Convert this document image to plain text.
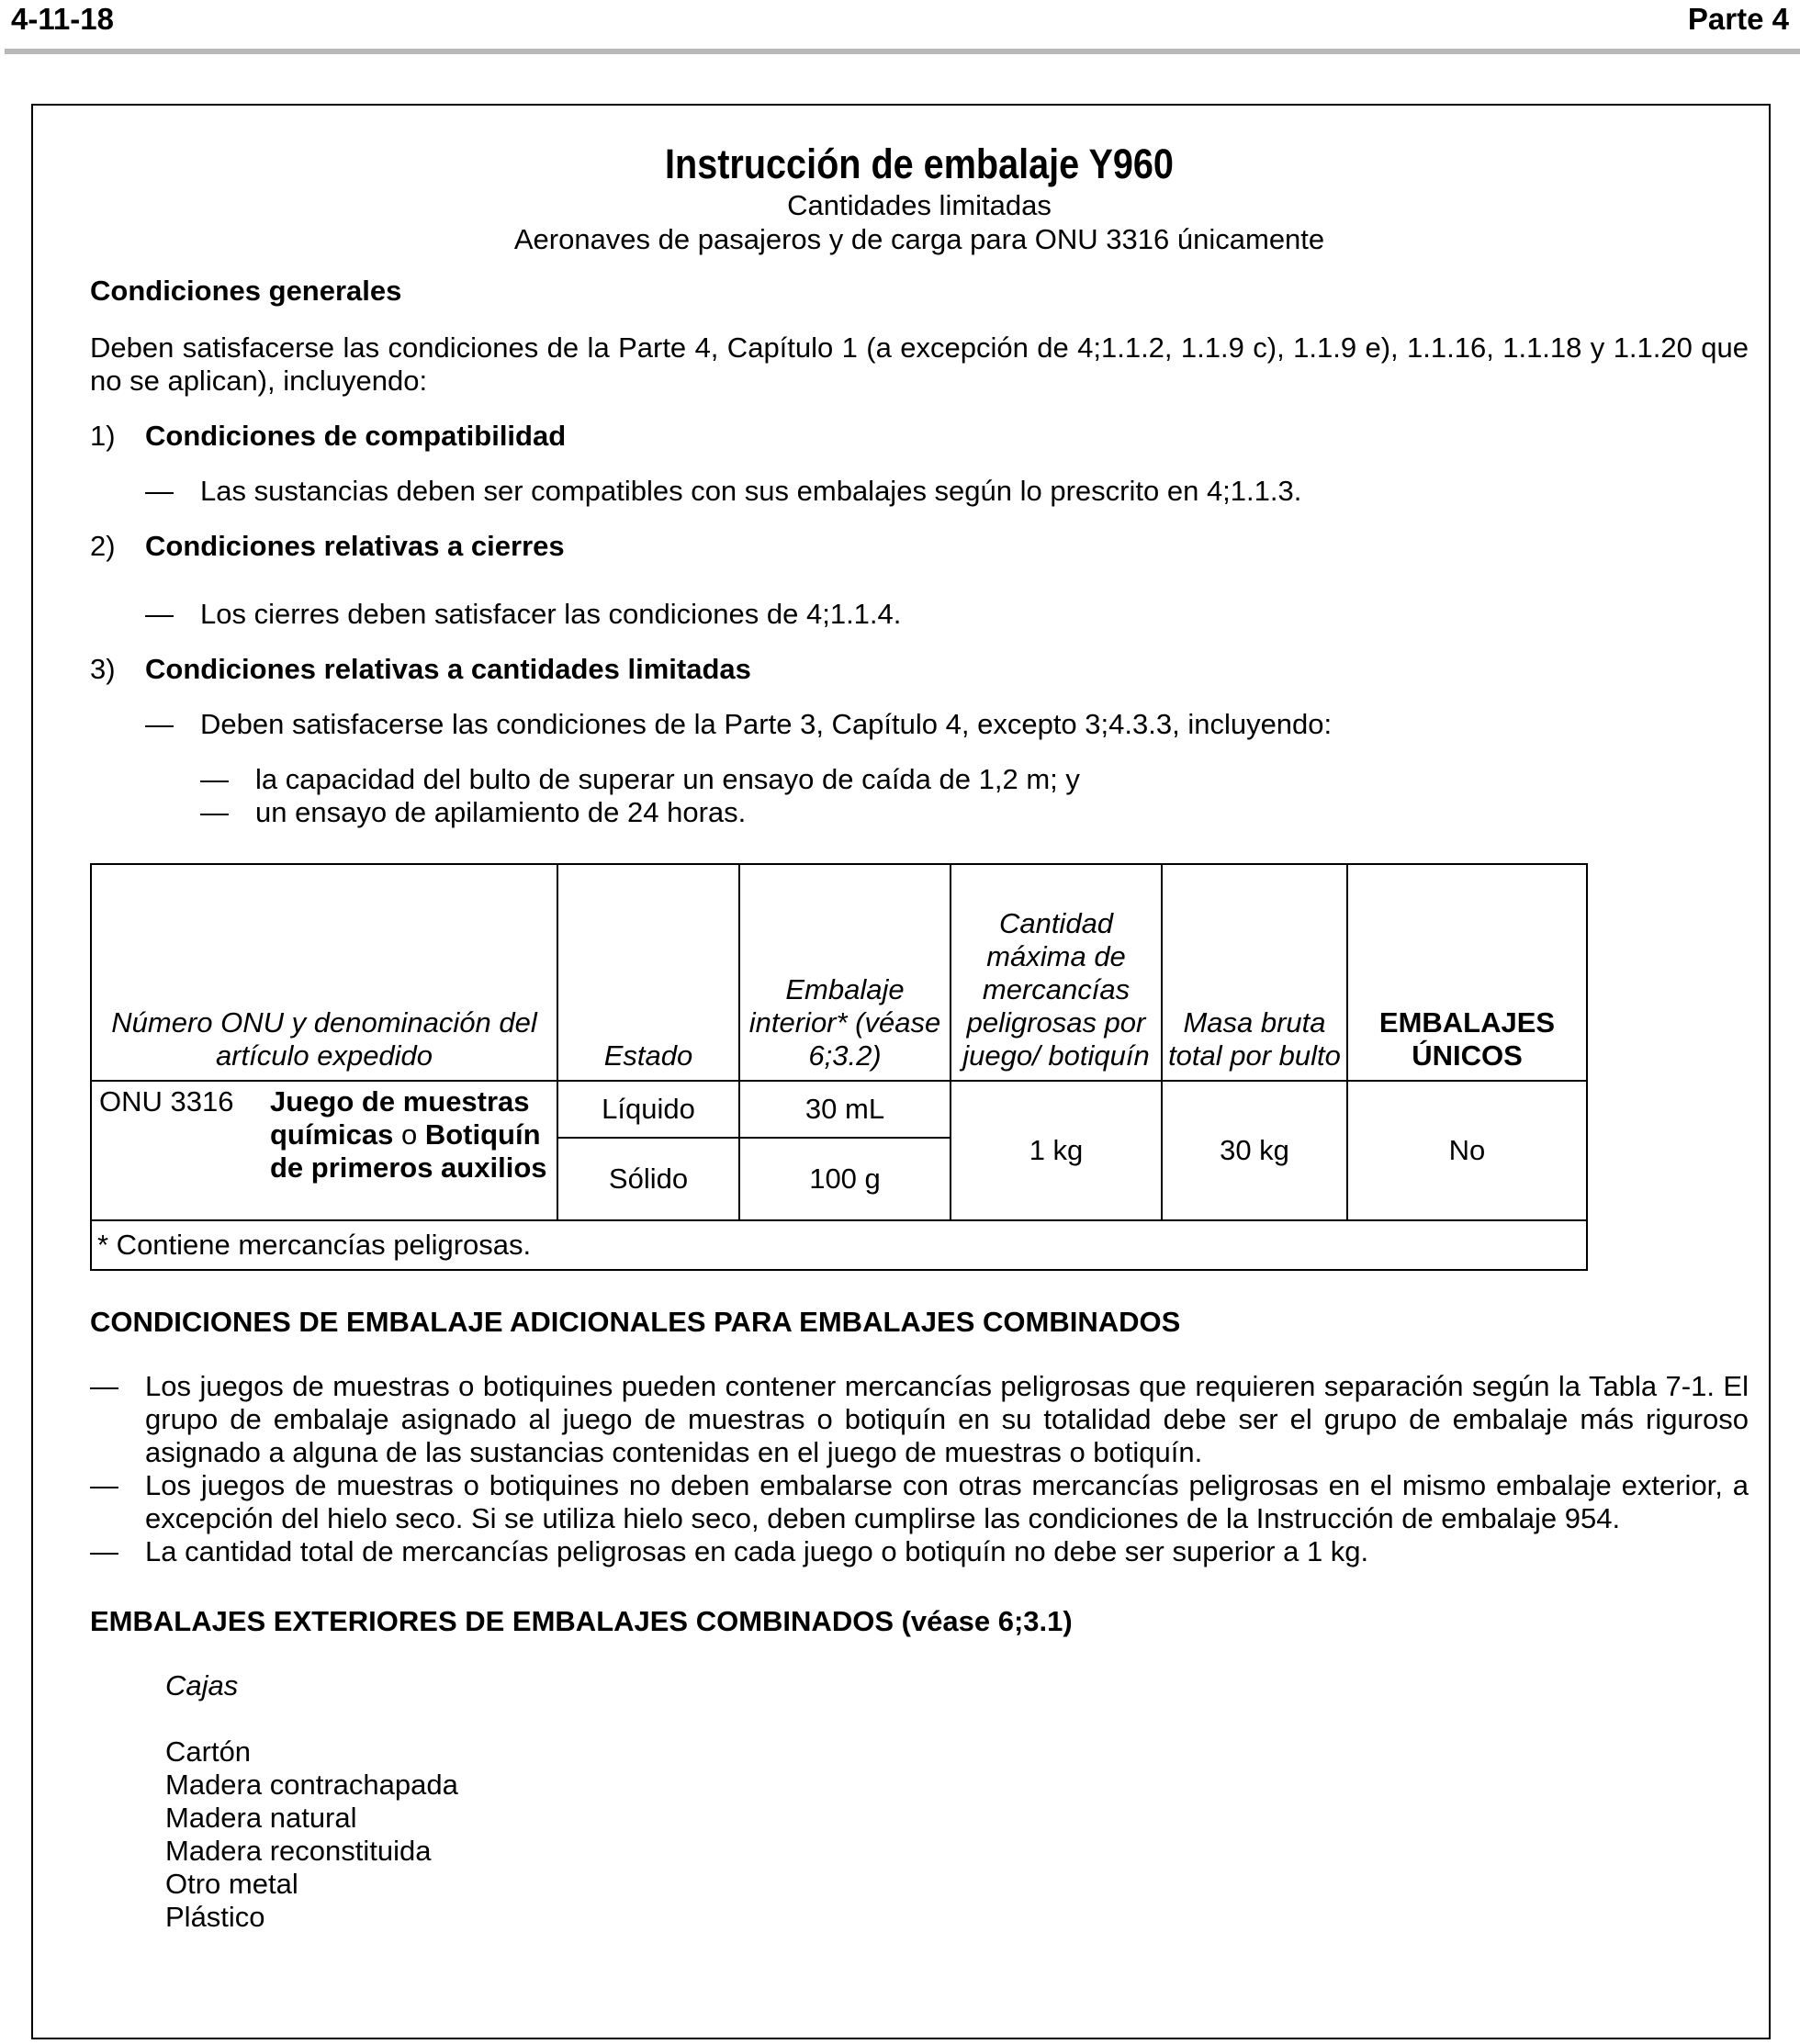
4-11-18	Parte 4
Instrucción de embalaje Y960
Cantidades limitadas
Aeronaves de pasajeros y de carga para ONU 3316 únicamente
Condiciones generales
Deben satisfacerse las condiciones de la Parte 4, Capítulo 1 (a excepción de 4;1.1.2, 1.1.9 c), 1.1.9 e), 1.1.16, 1.1.18 y 1.1.20 que no se aplican), incluyendo:
1) Condiciones de compatibilidad
— Las sustancias deben ser compatibles con sus embalajes según lo prescrito en 4;1.1.3.
2) Condiciones relativas a cierres
— Los cierres deben satisfacer las condiciones de 4;1.1.4.
3) Condiciones relativas a cantidades limitadas
— Deben satisfacerse las condiciones de la Parte 3, Capítulo 4, excepto 3;4.3.3, incluyendo:
— la capacidad del bulto de superar un ensayo de caída de 1,2 m; y
— un ensayo de apilamiento de 24 horas.
Número ONU y denominación del artículo expedido	Estado	Embalaje interior* (véase 6;3.2)	Cantidad máxima de mercancías peligrosas por juego/ botiquín	Masa bruta total por bulto	EMBALAJES ÚNICOS

ONU 3316 Juego de muestras químicas o Botiquín de primeros auxilios	Líquido	30 mL	1 kg	30 kg	No
	Sólido	100 g			
* Contiene mercancías peligrosas.					
CONDICIONES DE EMBALAJE ADICIONALES PARA EMBALAJES COMBINADOS
— Los juegos de muestras o botiquines pueden contener mercancías peligrosas que requieren separación según la Tabla 7-1. El grupo de embalaje asignado al juego de muestras o botiquín en su totalidad debe ser el grupo de embalaje más riguroso asignado a alguna de las sustancias contenidas en el juego de muestras o botiquín.
— Los juegos de muestras o botiquines no deben embalarse con otras mercancías peligrosas en el mismo embalaje exterior, a excepción del hielo seco. Si se utiliza hielo seco, deben cumplirse las condiciones de la Instrucción de embalaje 954.
— La cantidad total de mercancías peligrosas en cada juego o botiquín no debe ser superior a 1 kg.
EMBALAJES EXTERIORES DE EMBALAJES COMBINADOS (véase 6;3.1)
Cajas
Cartón
Madera contrachapada
Madera natural
Madera reconstituida
Otro metal
Plástico
